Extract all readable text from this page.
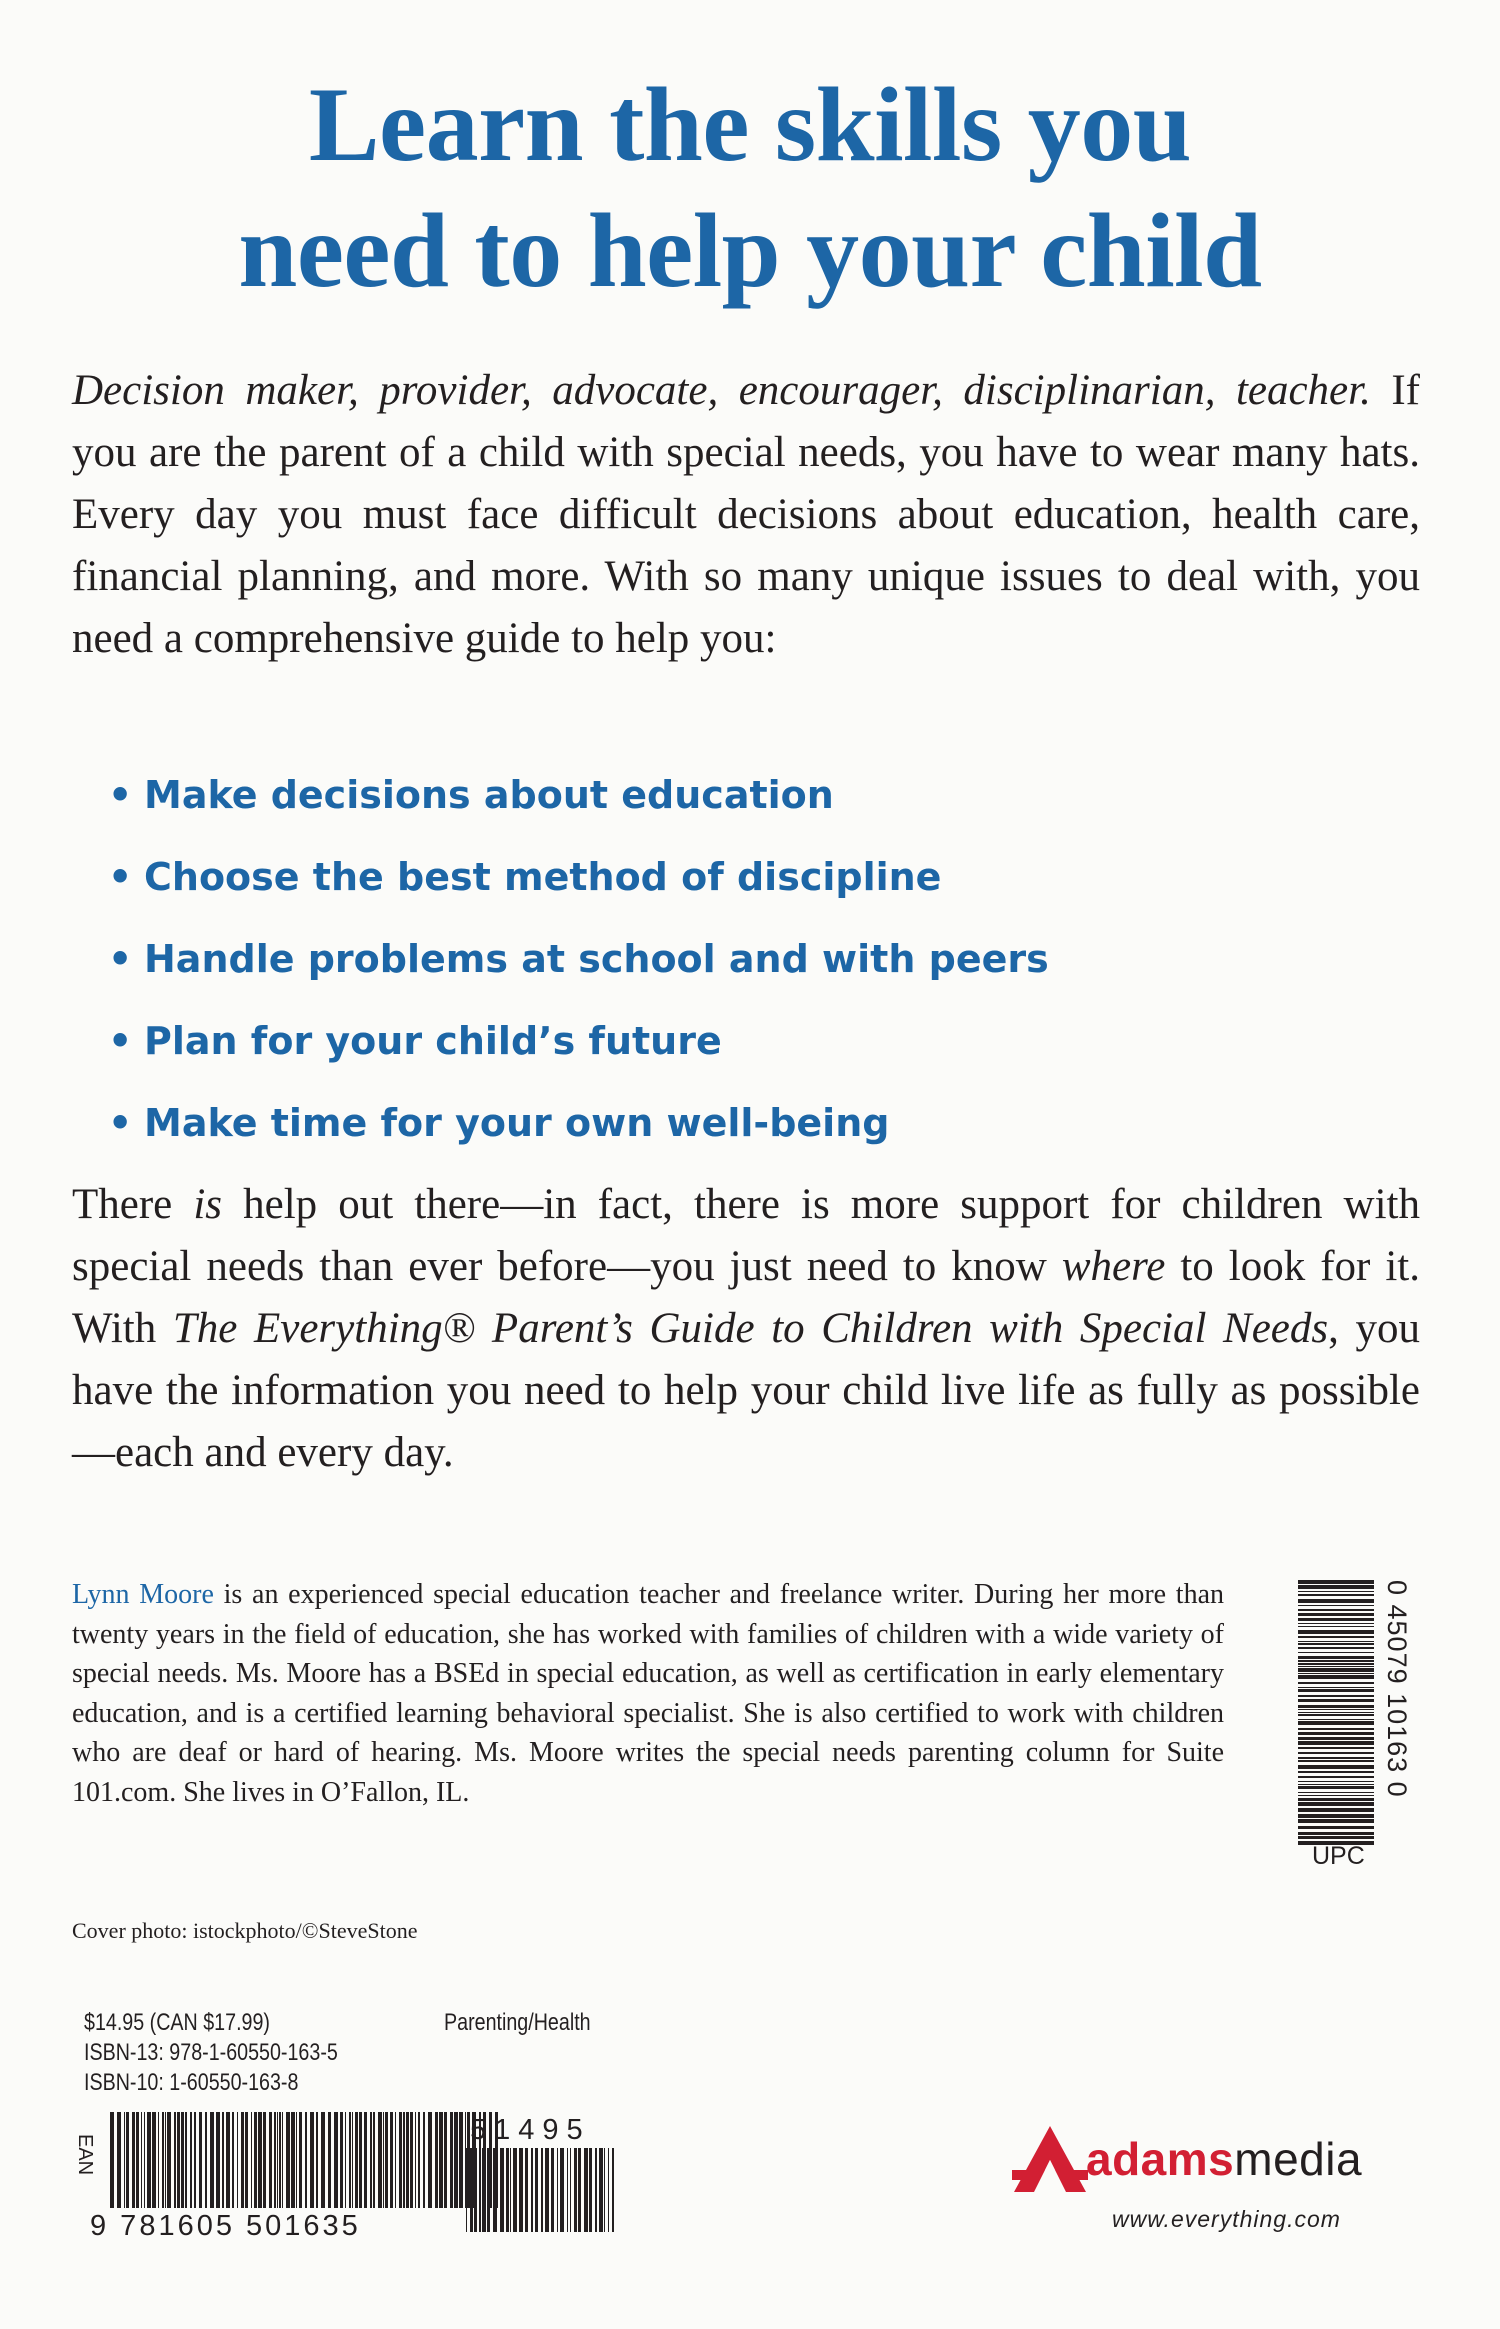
Learn the skills you
need to help your child
Decision maker, provider, advocate, encourager, disciplinarian, teacher. If you are the parent of a child with special needs, you have to wear many hats. Every day you must face difficult decisions about education, health care, financial planning, and more. With so many unique issues to deal with, you need a comprehensive guide to help you:
• Make decisions about education
• Choose the best method of discipline
• Handle problems at school and with peers
• Plan for your child’s future
• Make time for your own well-being
There is help out there—in fact, there is more support for children with special needs than ever before—you just need to know where to look for it. With The Everything® Parent’s Guide to Children with Special Needs, you have the information you need to help your child live life as fully as possible—each and every day.
Lynn Moore is an experienced special education teacher and freelance writer. During her more than twenty years in the field of education, she has worked with families of children with a wide variety of special needs. Ms. Moore has a BSEd in special education, as well as certification in early elementary education, and is a certified learning behavioral specialist. She is also certified to work with children who are deaf or hard of hearing. Ms. Moore writes the special needs parenting column for Suite 101.com. She lives in O’Fallon, IL.	0 45079 10163 0
UPC
Cover photo: istockphoto/©SteveStone
$14.95 (CAN $17.99)
ISBN-13: 978-1-60550-163-5
ISBN-10: 1-60550-163-8
Parenting/Health
EAN
9 781605 501635
51495
adamsmedia
www.everything.com
